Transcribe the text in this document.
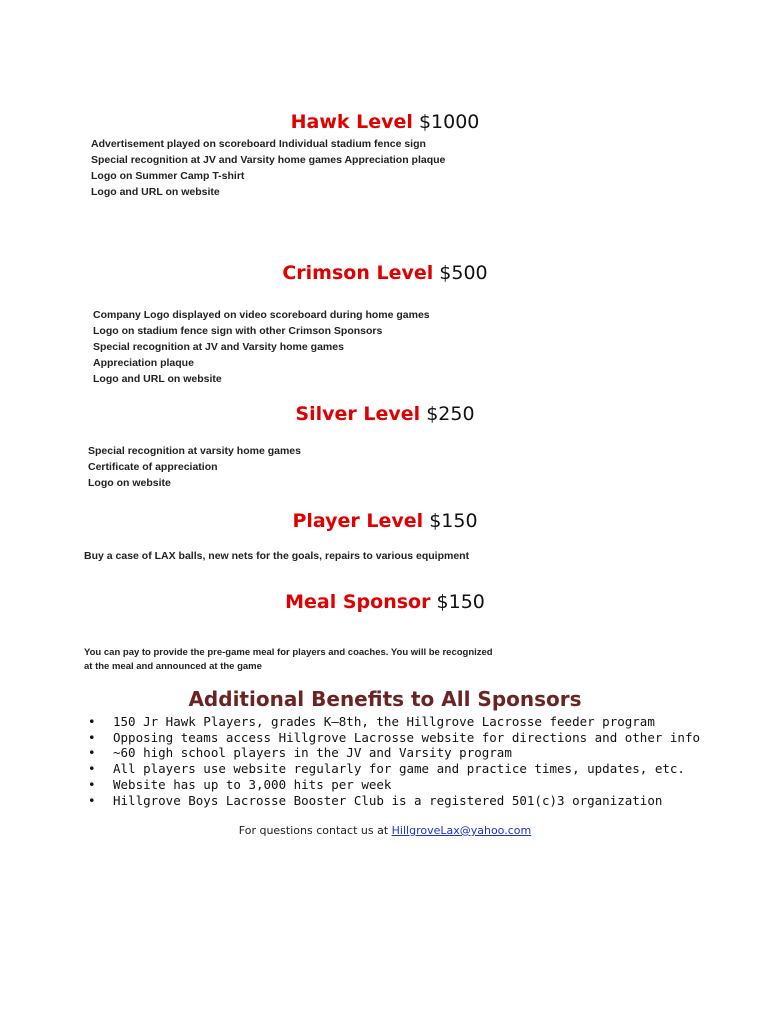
Hawk Level $1000
Advertisement played on scoreboard Individual stadium fence sign
Special recognition at JV and Varsity home games Appreciation plaque
Logo on Summer Camp T-shirt
Logo and URL on website
Crimson Level $500
Company Logo displayed on video scoreboard during home games
Logo on stadium fence sign with other Crimson Sponsors
Special recognition at JV and Varsity home games
Appreciation plaque
Logo and URL on website
Silver Level $250
Special recognition at varsity home games
Certificate of appreciation
Logo on website
Player Level $150
Buy a case of LAX balls, new nets for the goals, repairs to various equipment
Meal Sponsor $150
You can pay to provide the pre-game meal for players and coaches. You will be recognized
at the meal and announced at the game
Additional Benefits to All Sponsors
• 150 Jr Hawk Players, grades K–8th, the Hillgrove Lacrosse feeder program
• Opposing teams access Hillgrove Lacrosse website for directions and other info
• ~60 high school players in the JV and Varsity program
• All players use website regularly for game and practice times, updates, etc.
• Website has up to 3,000 hits per week
• Hillgrove Boys Lacrosse Booster Club is a registered 501(c)3 organization
For questions contact us at HillgroveLax@yahoo.com
